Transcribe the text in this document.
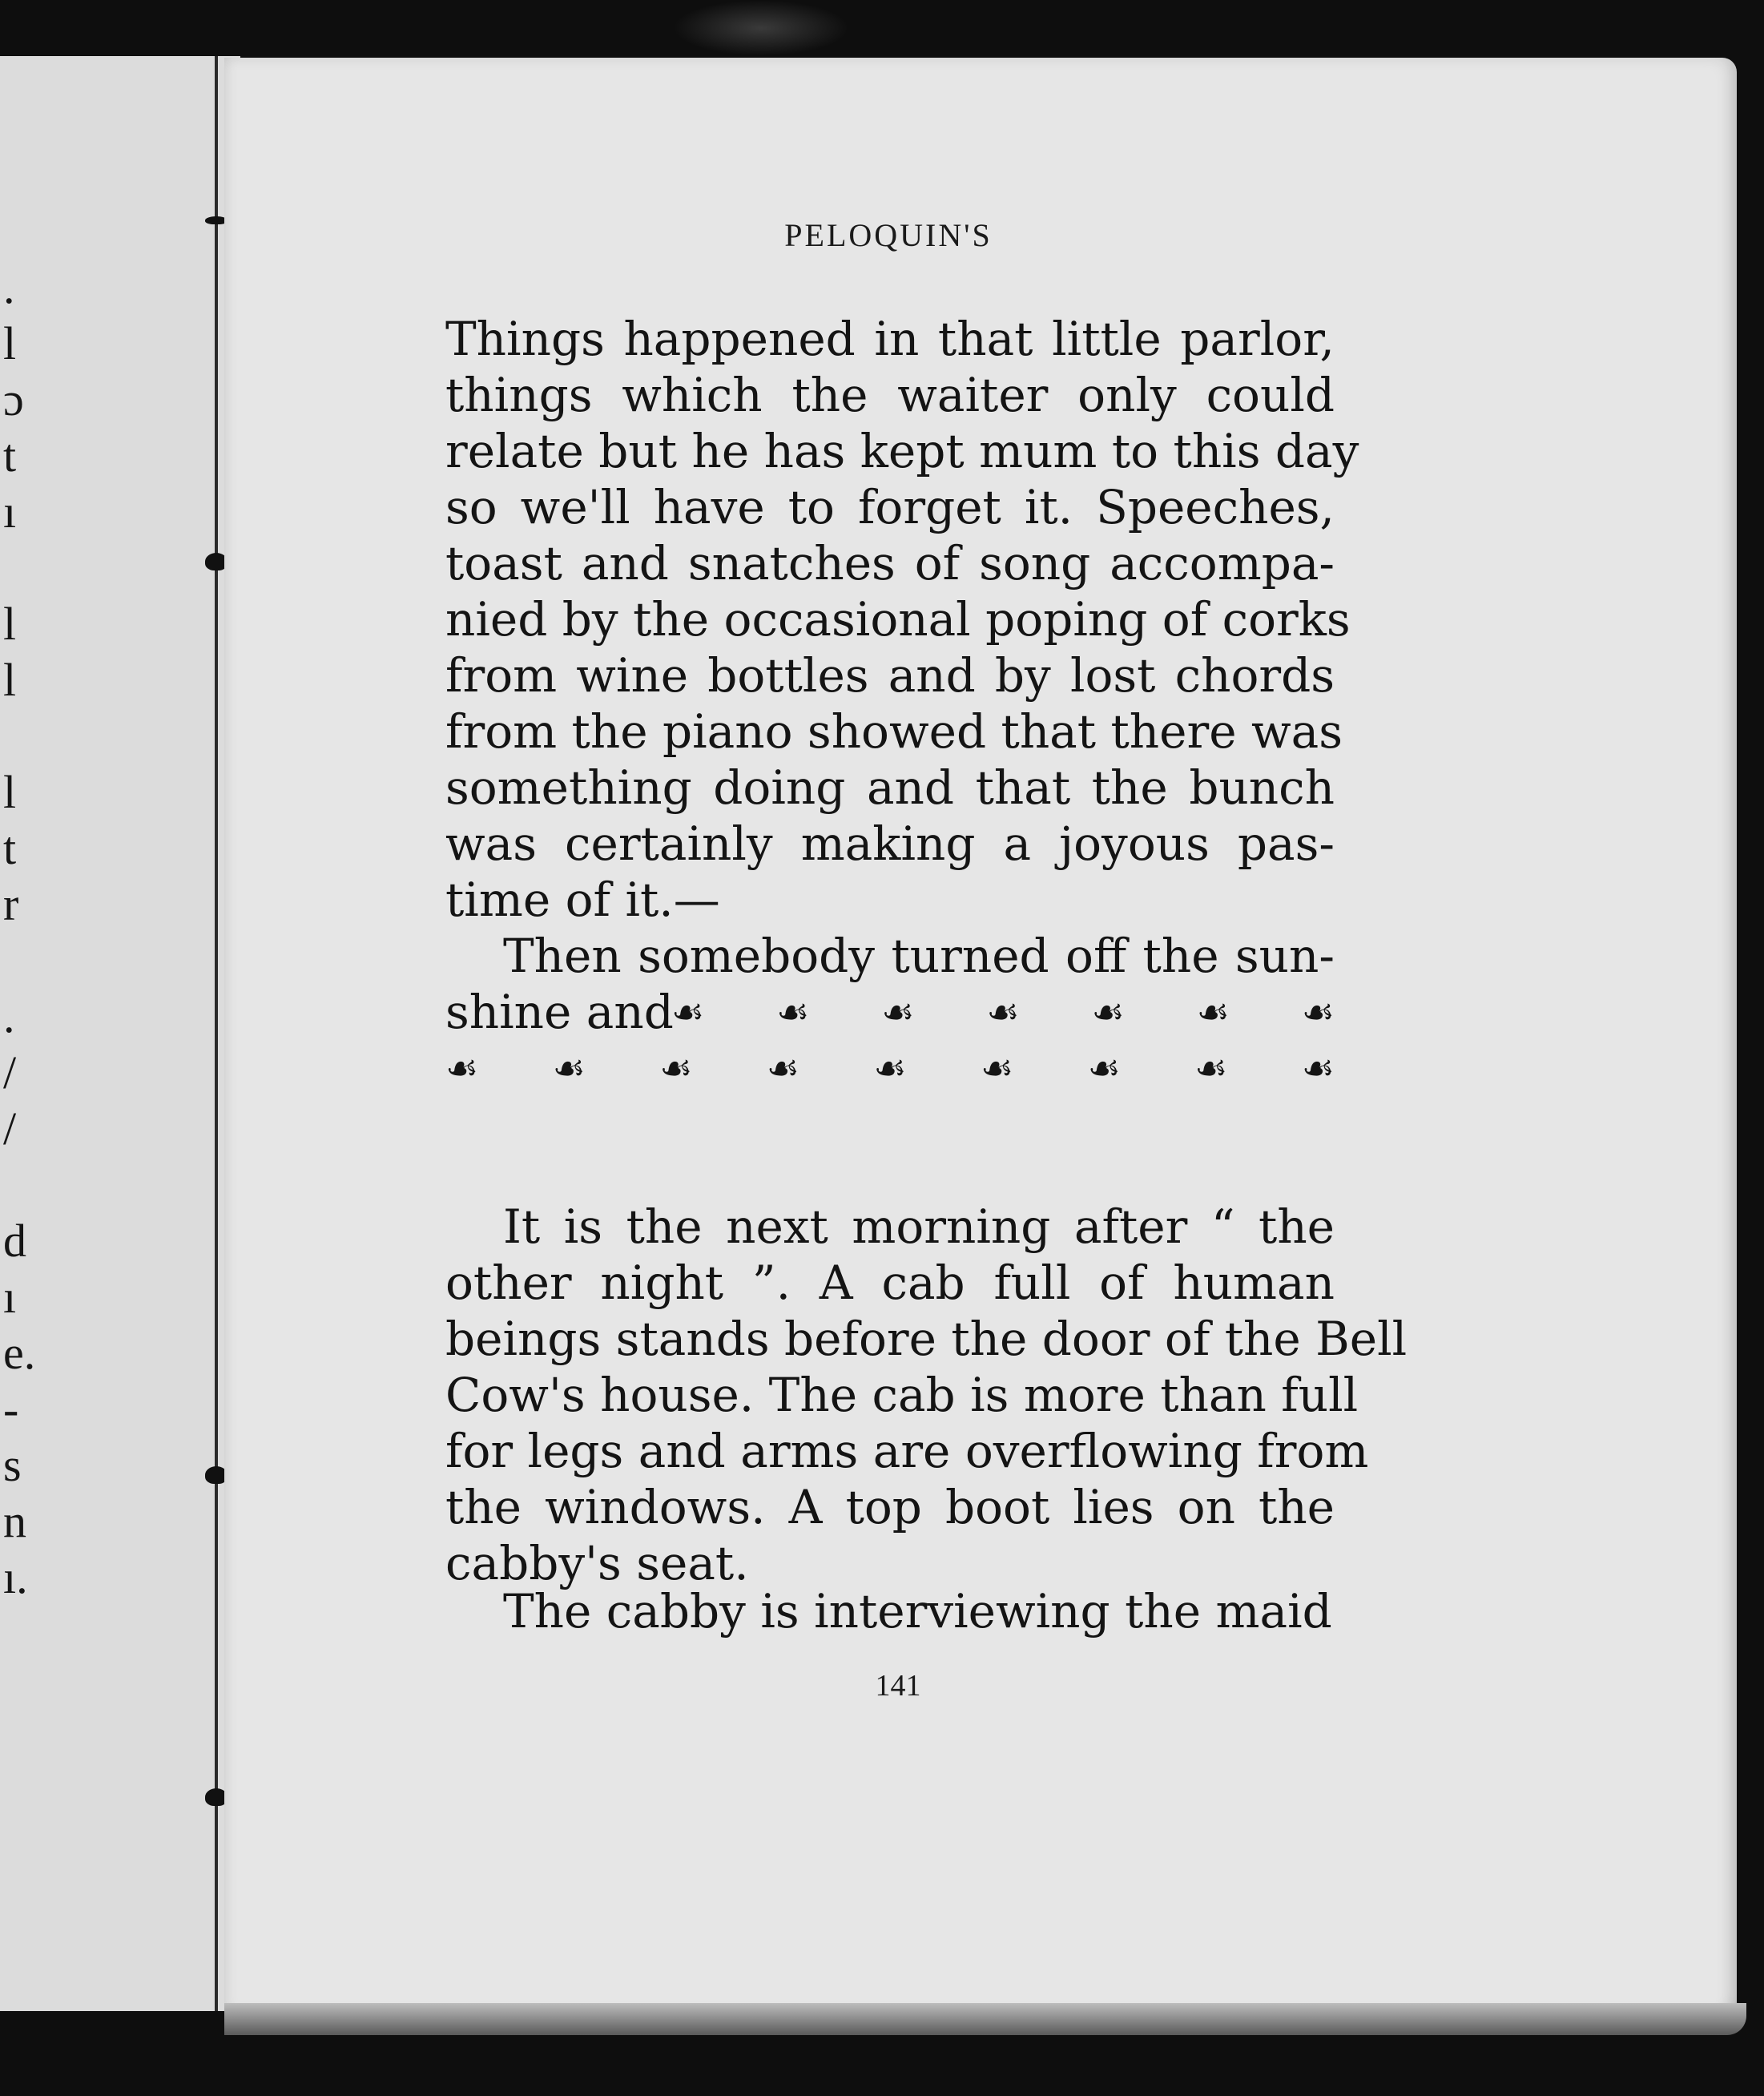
.
l
ɔ
t
ı
l
l
l
t
r
.
/
/
d
ı
e.
-
s
n
ı.
PELOQUIN'S
Things happened in that little parlor,
things which the waiter only could
relate but he has kept mum to this day
so we'll have to forget it. Speeches,
toast and snatches of song accompa-
nied by the occasional poping of corks
from wine bottles and by lost chords
from the piano showed that there was
something doing and that the bunch
was certainly making a joyous pas-
time of it.—
Then somebody turned off the sun-
shine and
☙ ☙ ☙ ☙ ☙ ☙ ☙
☙ ☙ ☙ ☙ ☙ ☙ ☙ ☙ ☙
It is the next morning after “ the
other night ”. A cab full of human
beings stands before the door of the Bell
Cow's house. The cab is more than full
for legs and arms are overflowing from
the windows. A top boot lies on the
cabby's seat.
The cabby is interviewing the maid
141
